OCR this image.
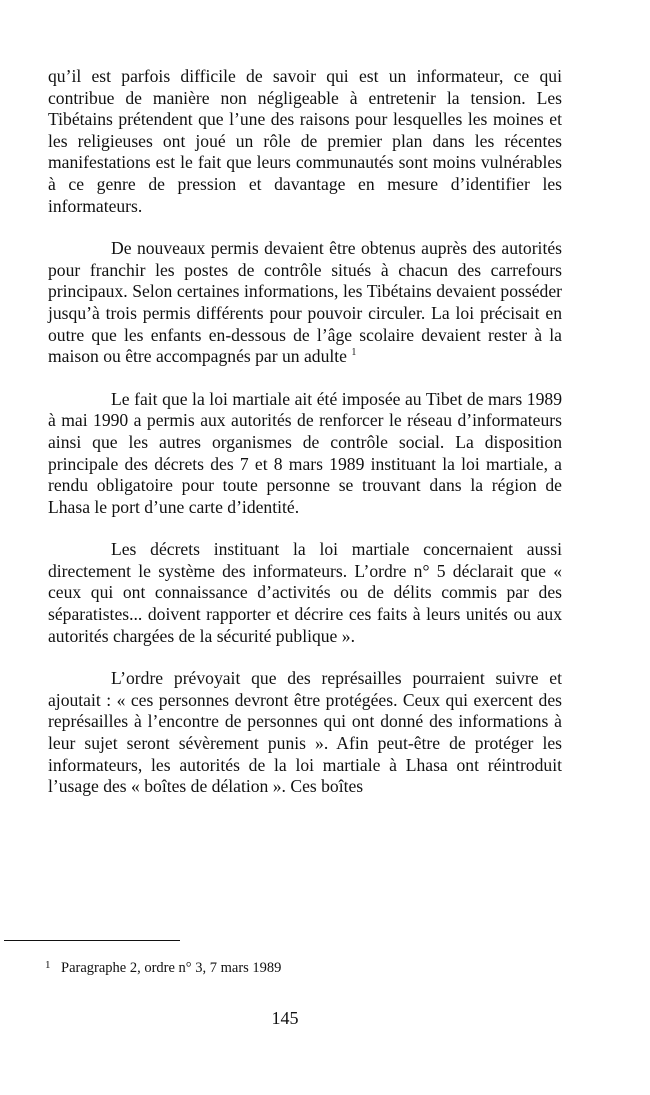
qu’il est parfois difficile de savoir qui est un informateur, ce qui contribue de manière non négligeable à entretenir la tension. Les Tibétains prétendent que l’une des raisons pour lesquelles les moines et les religieuses ont joué un rôle de premier plan dans les récentes manifestations est le fait que leurs communautés sont moins vulnérables à ce genre de pression et davantage en mesure d’identifier les informateurs.

De nouveaux permis devaient être obtenus auprès des autorités pour franchir les postes de contrôle situés à chacun des carrefours principaux. Selon certaines informations, les Tibétains devaient posséder jusqu’à trois permis différents pour pouvoir circuler. La loi précisait en outre que les enfants en-dessous de l’âge scolaire devaient rester à la maison ou être accompagnés par un adulte $^1$

Le fait que la loi martiale ait été imposée au Tibet de mars 1989 à mai 1990 a permis aux autorités de renforcer le réseau d’informateurs ainsi que les autres organismes de contrôle social. La disposition principale des décrets des 7 et 8 mars 1989 instituant la loi martiale, a rendu obligatoire pour toute personne se trouvant dans la région de Lhasa le port d’une carte d’identité.

Les décrets instituant la loi martiale concernaient aussi directement le système des informateurs. L’ordre n° 5 déclarait que « ceux qui ont connaissance d’activités ou de délits commis par des séparatistes... doivent rapporter et décrire ces faits à leurs unités ou aux autorités chargées de la sécurité publique ».

L’ordre prévoyait que des représailles pourraient suivre et ajoutait : « ces personnes devront être protégées. Ceux qui exercent des représailles à l’encontre de personnes qui ont donné des informations à leur sujet seront sévèrement punis ». Afin peut-être de protéger les informateurs, les autorités de la loi martiale à Lhasa ont réintroduit l’usage des « boîtes de délation ». Ces boîtes

1 Paragraphe 2, ordre n° 3, 7 mars 1989
145
